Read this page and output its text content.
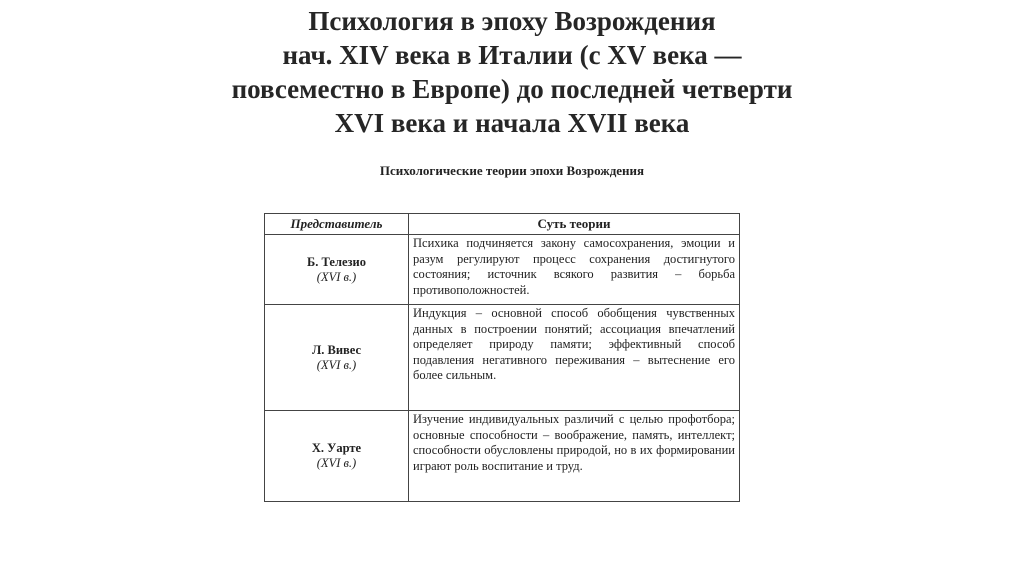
Психология в эпоху Возрождения
нач. XIV века в Италии (с XV века —
повсеместно в Европе) до последней четверти
XVI века и начала XVII века
Психологические теории эпохи Возрождения
Представитель	Суть теории

Б. Телезио
(XVI в.)	Психика подчиняется закону самосохранения, эмоции и разум регулируют процесс сохранения достигнутого состояния; источник всякого развития – борьба противоположностей.

Л. Вивес
(XVI в.)	Индукция – основной способ обобщения чувственных данных в построении понятий; ассоциация впечатлений определяет природу памяти; эффективный способ подавления негативного переживания – вытеснение его более сильным.

Х. Уарте
(XVI в.)	Изучение индивидуальных различий с целью профотбора; основные способности – воображение, память, интеллект; способности обусловлены природой, но в их формировании играют роль воспитание и труд.
